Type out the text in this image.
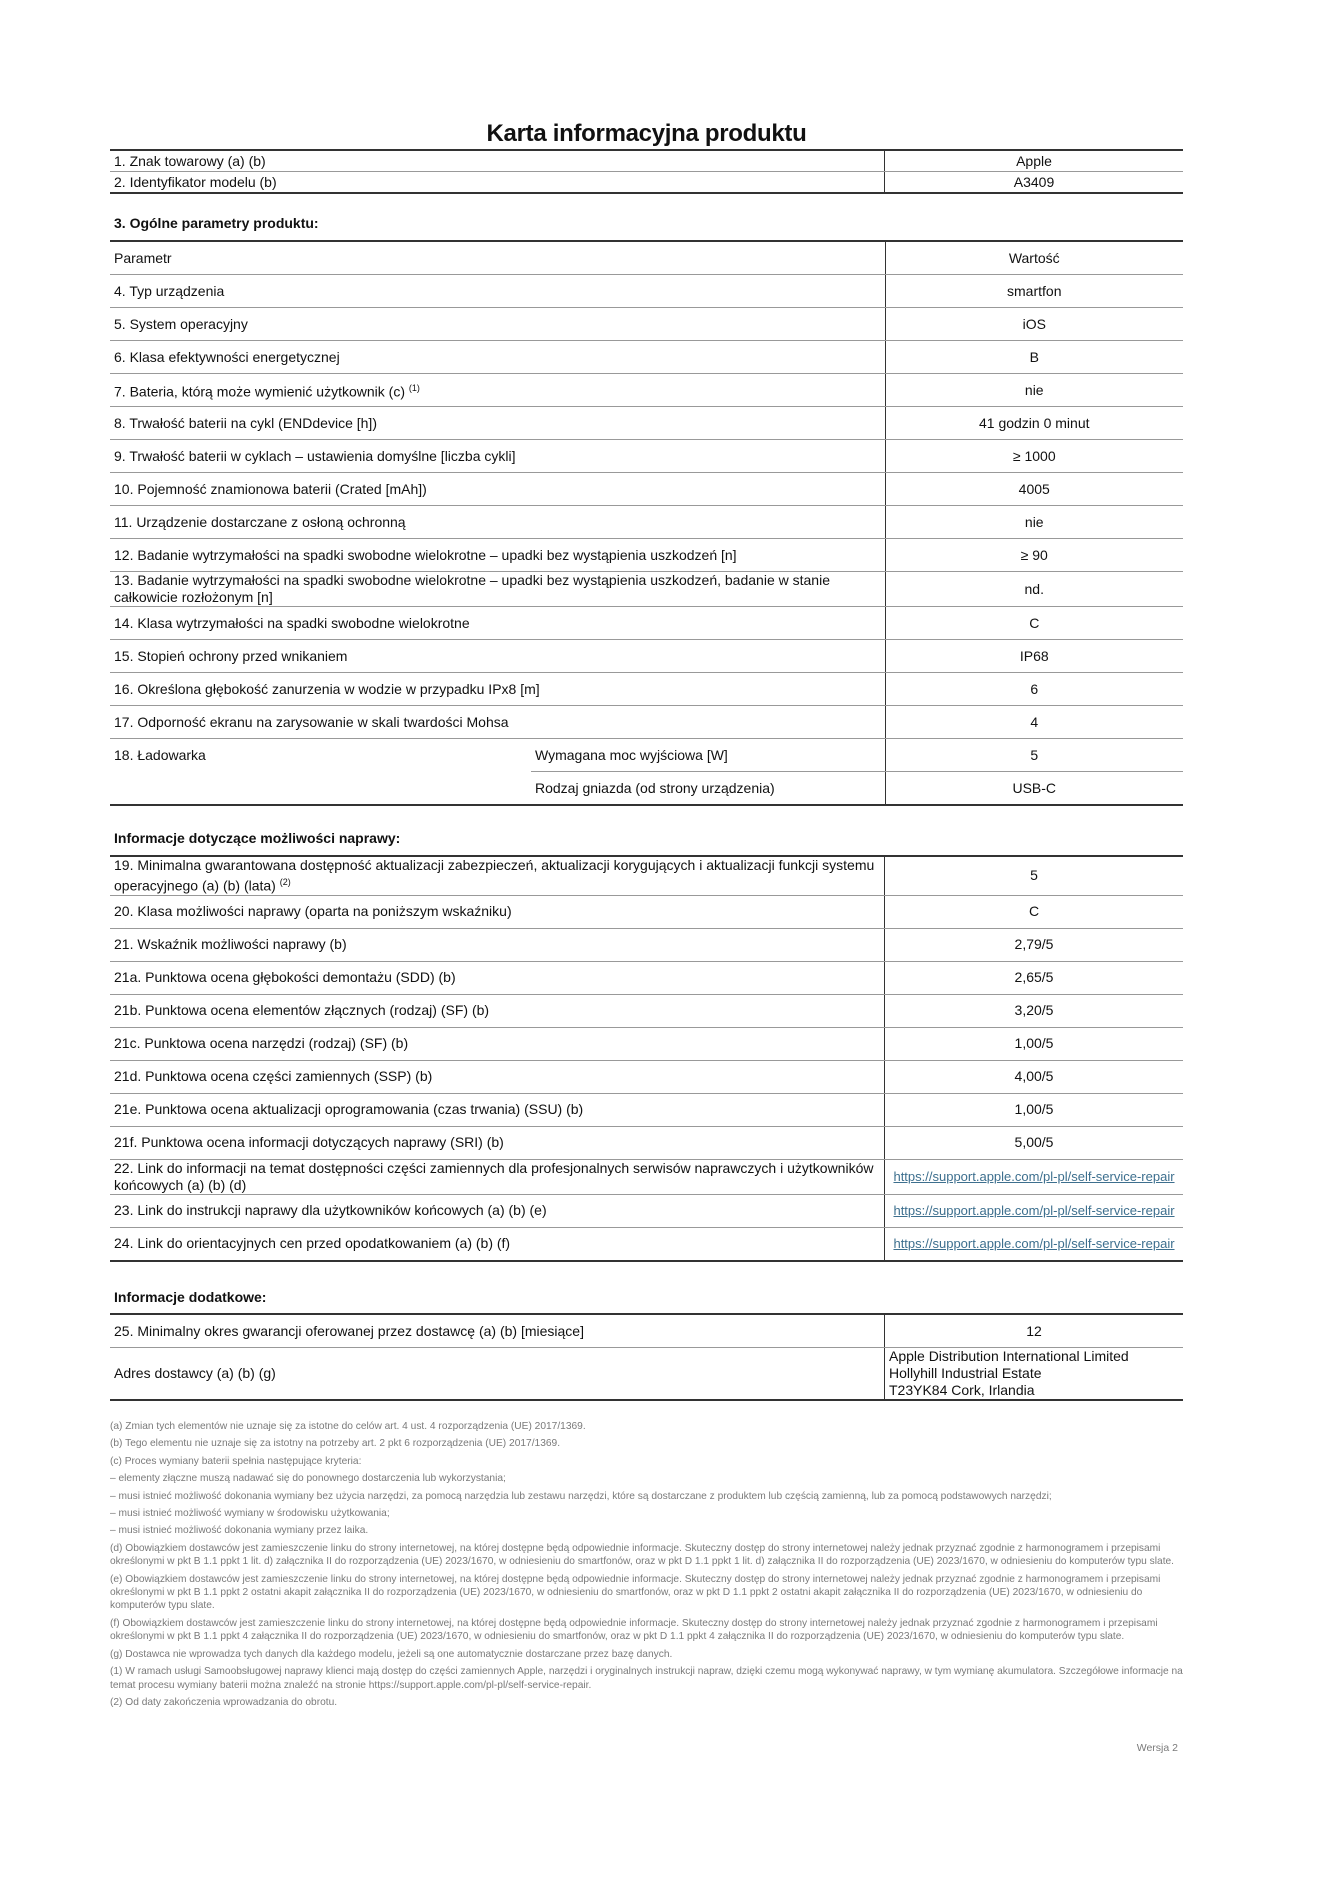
Karta informacyjna produktu
1. Znak towarowy (a) (b)	Apple
2. Identyfikator modelu (b)	A3409
3. Ogólne parametry produktu:
Parametr		Wartość
4. Typ urządzenia		smartfon
5. System operacyjny		iOS
6. Klasa efektywności energetycznej		B
7. Bateria, którą może wymienić użytkownik (c) $^{(1)}$		nie
8. Trwałość baterii na cykl (ENDdevice [h])		41 godzin 0 minut
9. Trwałość baterii w cyklach – ustawienia domyślne [liczba cykli]		≥ 1000
10. Pojemność znamionowa baterii (Crated [mAh])		4005
11. Urządzenie dostarczane z osłoną ochronną		nie
12. Badanie wytrzymałości na spadki swobodne wielokrotne – upadki bez wystąpienia uszkodzeń [n]		≥ 90
13. Badanie wytrzymałości na spadki swobodne wielokrotne – upadki bez wystąpienia uszkodzeń, badanie w stanie całkowicie rozłożonym [n]		nd.
14. Klasa wytrzymałości na spadki swobodne wielokrotne		C
15. Stopień ochrony przed wnikaniem		IP68
16. Określona głębokość zanurzenia w wodzie w przypadku IPx8 [m]		6
17. Odporność ekranu na zarysowanie w skali twardości Mohsa		4
18. Ładowarka	Wymagana moc wyjściowa [W]	5
	Rodzaj gniazda (od strony urządzenia)	USB-C
Informacje dotyczące możliwości naprawy:
19. Minimalna gwarantowana dostępność aktualizacji zabezpieczeń, aktualizacji korygujących i aktualizacji funkcji systemu operacyjnego (a) (b) (lata) $^{(2)}$	5
20. Klasa możliwości naprawy (oparta na poniższym wskaźniku)	C
21. Wskaźnik możliwości naprawy (b)	2,79/5
21a. Punktowa ocena głębokości demontażu (SDD) (b)	2,65/5
21b. Punktowa ocena elementów złącznych (rodzaj) (SF) (b)	3,20/5
21c. Punktowa ocena narzędzi (rodzaj) (SF) (b)	1,00/5
21d. Punktowa ocena części zamiennych (SSP) (b)	4,00/5
21e. Punktowa ocena aktualizacji oprogramowania (czas trwania) (SSU) (b)	1,00/5
21f. Punktowa ocena informacji dotyczących naprawy (SRI) (b)	5,00/5
22. Link do informacji na temat dostępności części zamiennych dla profesjonalnych serwisów naprawczych i użytkowników końcowych (a) (b) (d)	https://support.apple.com/pl-pl/self-service-repair
23. Link do instrukcji naprawy dla użytkowników końcowych (a) (b) (e)	https://support.apple.com/pl-pl/self-service-repair
24. Link do orientacyjnych cen przed opodatkowaniem (a) (b) (f)	https://support.apple.com/pl-pl/self-service-repair
Informacje dodatkowe:
25. Minimalny okres gwarancji oferowanej przez dostawcę (a) (b) [miesiące]	12
Adres dostawcy (a) (b) (g)	Apple Distribution International Limited
Hollyhill Industrial Estate
T23YK84 Cork, Irlandia

(a) Zmian tych elementów nie uznaje się za istotne do celów art. 4 ust. 4 rozporządzenia (UE) 2017/1369.

(b) Tego elementu nie uznaje się za istotny na potrzeby art. 2 pkt 6 rozporządzenia (UE) 2017/1369.

(c) Proces wymiany baterii spełnia następujące kryteria:

– elementy złączne muszą nadawać się do ponownego dostarczenia lub wykorzystania;

– musi istnieć możliwość dokonania wymiany bez użycia narzędzi, za pomocą narzędzia lub zestawu narzędzi, które są dostarczane z produktem lub częścią zamienną, lub za pomocą podstawowych narzędzi;

– musi istnieć możliwość wymiany w środowisku użytkowania;

– musi istnieć możliwość dokonania wymiany przez laika.

(d) Obowiązkiem dostawców jest zamieszczenie linku do strony internetowej, na której dostępne będą odpowiednie informacje. Skuteczny dostęp do strony internetowej należy jednak przyznać zgodnie z harmonogramem i przepisami określonymi w pkt B 1.1 ppkt 1 lit. d) załącznika II do rozporządzenia (UE) 2023/1670, w odniesieniu do smartfonów, oraz w pkt D 1.1 ppkt 1 lit. d) załącznika II do rozporządzenia (UE) 2023/1670, w odniesieniu do komputerów typu slate.

(e) Obowiązkiem dostawców jest zamieszczenie linku do strony internetowej, na której dostępne będą odpowiednie informacje. Skuteczny dostęp do strony internetowej należy jednak przyznać zgodnie z harmonogramem i przepisami określonymi w pkt B 1.1 ppkt 2 ostatni akapit załącznika II do rozporządzenia (UE) 2023/1670, w odniesieniu do smartfonów, oraz w pkt D 1.1 ppkt 2 ostatni akapit załącznika II do rozporządzenia (UE) 2023/1670, w odniesieniu do komputerów typu slate.

(f) Obowiązkiem dostawców jest zamieszczenie linku do strony internetowej, na której dostępne będą odpowiednie informacje. Skuteczny dostęp do strony internetowej należy jednak przyznać zgodnie z harmonogramem i przepisami określonymi w pkt B 1.1 ppkt 4 załącznika II do rozporządzenia (UE) 2023/1670, w odniesieniu do smartfonów, oraz w pkt D 1.1 ppkt 4 załącznika II do rozporządzenia (UE) 2023/1670, w odniesieniu do komputerów typu slate.

(g) Dostawca nie wprowadza tych danych dla każdego modelu, jeżeli są one automatycznie dostarczane przez bazę danych.

(1) W ramach usługi Samoobsługowej naprawy klienci mają dostęp do części zamiennych Apple, narzędzi i oryginalnych instrukcji napraw, dzięki czemu mogą wykonywać naprawy, w tym wymianę akumulatora. Szczegółowe informacje na temat procesu wymiany baterii można znaleźć na stronie https://support.apple.com/pl-pl/self-service-repair.

(2) Od daty zakończenia wprowadzania do obrotu.

Wersja 2
